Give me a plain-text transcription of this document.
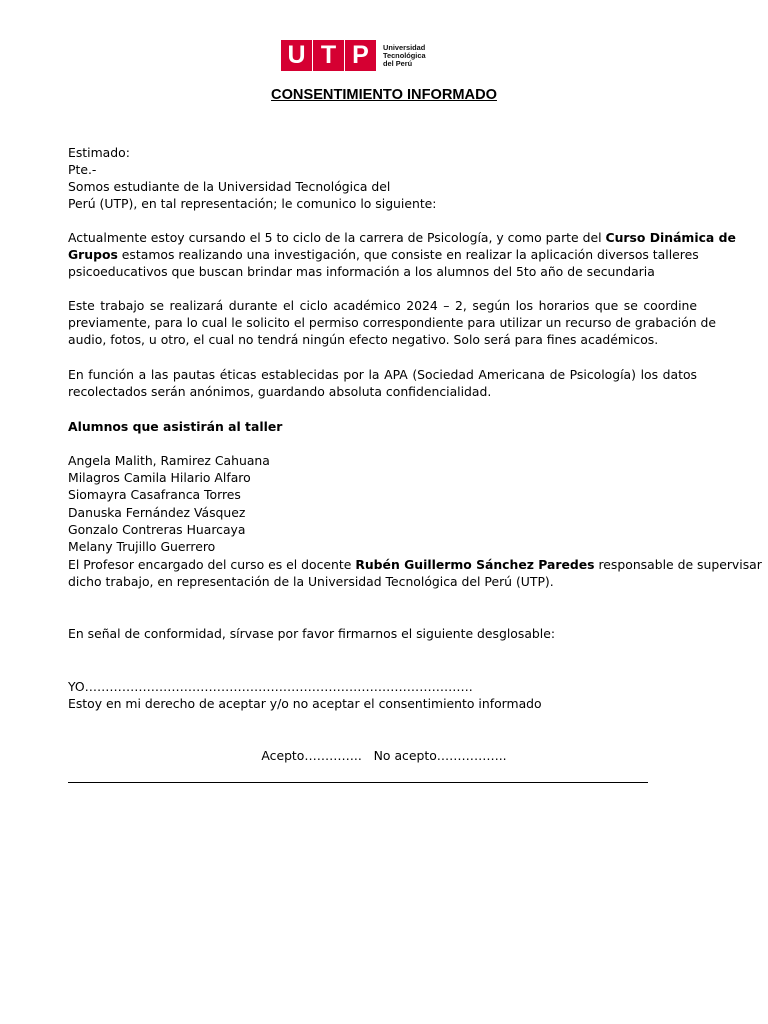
U T P	Universidad
Tecnológica
del Perú
CONSENTIMIENTO INFORMADO
Estimado:
Pte.-
Somos estudiante de la Universidad Tecnológica del
Perú (UTP), en tal representación; le comunico lo siguiente:
Actualmente estoy cursando el 5 to ciclo de la carrera de Psicología, y como parte del Curso Dinámica de
Grupos estamos realizando una investigación, que consiste en realizar la aplicación diversos talleres
psicoeducativos que buscan brindar mas información a los alumnos del 5to año de secundaria
Este trabajo se realizará durante el ciclo académico 2024 – 2, según los horarios que se coordine
previamente, para lo cual le solicito el permiso correspondiente para utilizar un recurso de grabación de
audio, fotos, u otro, el cual no tendrá ningún efecto negativo. Solo será para fines académicos.
En función a las pautas éticas establecidas por la APA (Sociedad Americana de Psicología) los datos
recolectados serán anónimos, guardando absoluta confidencialidad.
Alumnos que asistirán al taller
Angela Malith, Ramirez Cahuana
Milagros Camila Hilario Alfaro
Siomayra Casafranca Torres
Danuska Fernández Vásquez
Gonzalo Contreras Huarcaya
Melany Trujillo Guerrero
El Profesor encargado del curso es el docente Rubén Guillermo Sánchez Paredes responsable de supervisar
dicho trabajo, en representación de la Universidad Tecnológica del Perú (UTP).
En señal de conformidad, sírvase por favor firmarnos el siguiente desglosable:
YO………………………………………………………………………………….
Estoy en mi derecho de aceptar y/o no aceptar el consentimiento informado
Acepto………….. No acepto……………..
